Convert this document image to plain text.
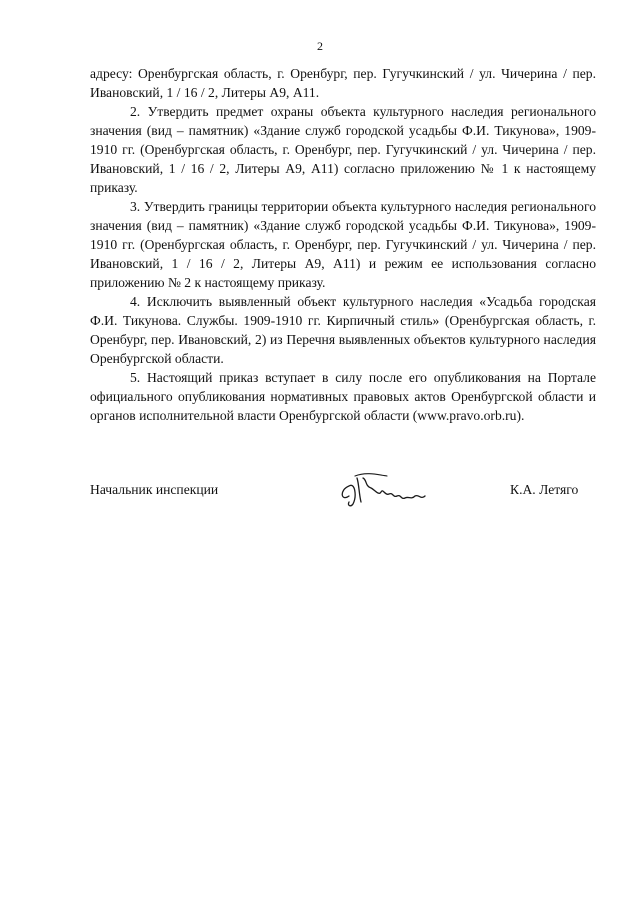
2

адресу: Оренбургская область, г. Оренбург, пер. Гугучкинский / ул. Чичерина / пер. Ивановский, 1 / 16 / 2, Литеры А9, А11.

2. Утвердить предмет охраны объекта культурного наследия регионального значения (вид – памятник) «Здание служб городской усадьбы Ф.И. Тикунова», 1909-1910 гг. (Оренбургская область, г. Оренбург, пер. Гугучкинский / ул. Чичерина / пер. Ивановский, 1 / 16 / 2, Литеры А9, А11) согласно приложению № 1 к настоящему приказу.

3. Утвердить границы территории объекта культурного наследия регионального значения (вид – памятник) «Здание служб городской усадьбы Ф.И. Тикунова», 1909-1910 гг. (Оренбургская область, г. Оренбург, пер. Гугучкинский / ул. Чичерина / пер. Ивановский, 1 / 16 / 2, Литеры А9, А11) и режим ее использования согласно приложению № 2 к настоящему приказу.

4. Исключить выявленный объект культурного наследия «Усадьба городская Ф.И. Тикунова. Службы. 1909-1910 гг. Кирпичный стиль» (Оренбургская область, г. Оренбург, пер. Ивановский, 2) из Перечня выявленных объектов культурного наследия Оренбургской области.

5. Настоящий приказ вступает в силу после его опубликования на Портале официального опубликования нормативных правовых актов Оренбургской области и органов исполнительной власти Оренбургской области (www.pravo.orb.ru).

Начальник инспекции	К.А. Летяго
